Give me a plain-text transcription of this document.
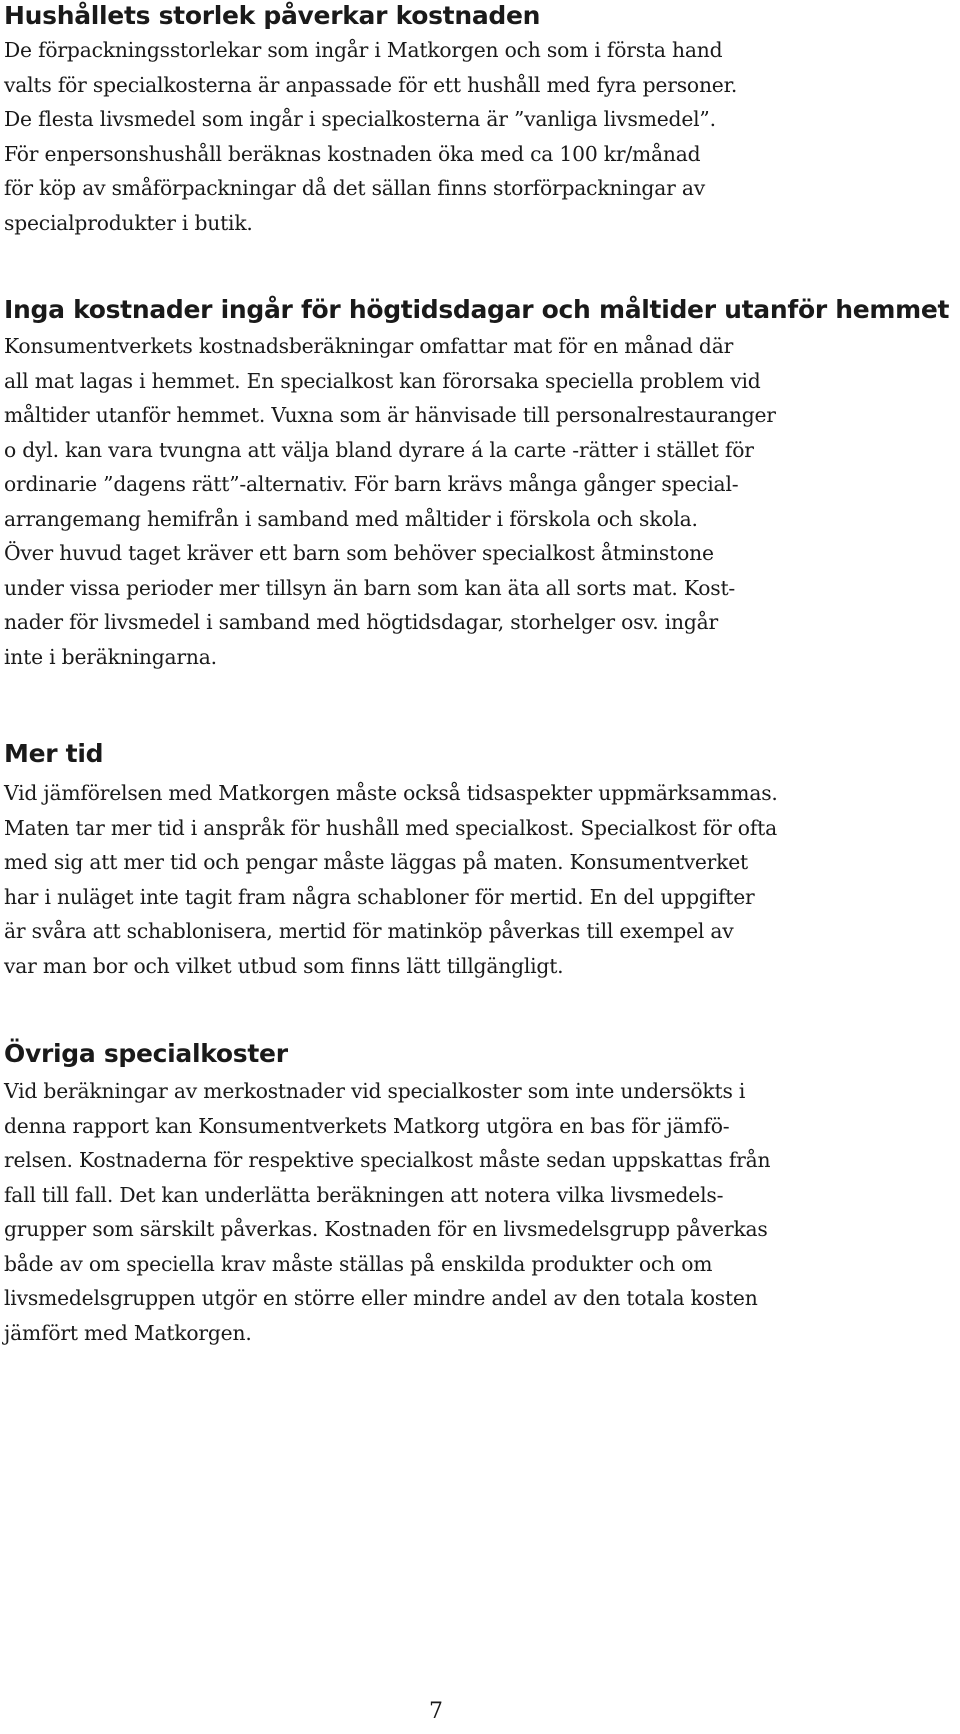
Hushållets storlek påverkar kostnaden

De förpackningsstorlekar som ingår i Matkorgen och som i första hand
valts för specialkosterna är anpassade för ett hushåll med fyra personer.
De flesta livsmedel som ingår i specialkosterna är ”vanliga livsmedel”.
För enpersonshushåll beräknas kostnaden öka med ca 100 kr/månad
för köp av småförpackningar då det sällan finns storförpackningar av
specialprodukter i butik.

Inga kostnader ingår för högtidsdagar och måltider utanför hemmet

Konsumentverkets kostnadsberäkningar omfattar mat för en månad där
all mat lagas i hemmet. En specialkost kan förorsaka speciella problem vid
måltider utanför hemmet. Vuxna som är hänvisade till personalrestauranger
o dyl. kan vara tvungna att välja bland dyrare á la carte -rätter i stället för
ordinarie ”dagens rätt”-alternativ. För barn krävs många gånger special-
arrangemang hemifrån i samband med måltider i förskola och skola.
Över huvud taget kräver ett barn som behöver specialkost åtminstone
under vissa perioder mer tillsyn än barn som kan äta all sorts mat. Kost-
nader för livsmedel i samband med högtidsdagar, storhelger osv. ingår
inte i beräkningarna.

Mer tid

Vid jämförelsen med Matkorgen måste också tidsaspekter uppmärksammas.
Maten tar mer tid i anspråk för hushåll med specialkost. Specialkost för ofta
med sig att mer tid och pengar måste läggas på maten. Konsumentverket
har i nuläget inte tagit fram några schabloner för mertid. En del uppgifter
är svåra att schablonisera, mertid för matinköp påverkas till exempel av
var man bor och vilket utbud som finns lätt tillgängligt.

Övriga specialkoster

Vid beräkningar av merkostnader vid specialkoster som inte undersökts i
denna rapport kan Konsumentverkets Matkorg utgöra en bas för jämfö-
relsen. Kostnaderna för respektive specialkost måste sedan uppskattas från
fall till fall. Det kan underlätta beräkningen att notera vilka livsmedels-
grupper som särskilt påverkas. Kostnaden för en livsmedelsgrupp påverkas
både av om speciella krav måste ställas på enskilda produkter och om
livsmedelsgruppen utgör en större eller mindre andel av den totala kosten
jämfört med Matkorgen.

7
